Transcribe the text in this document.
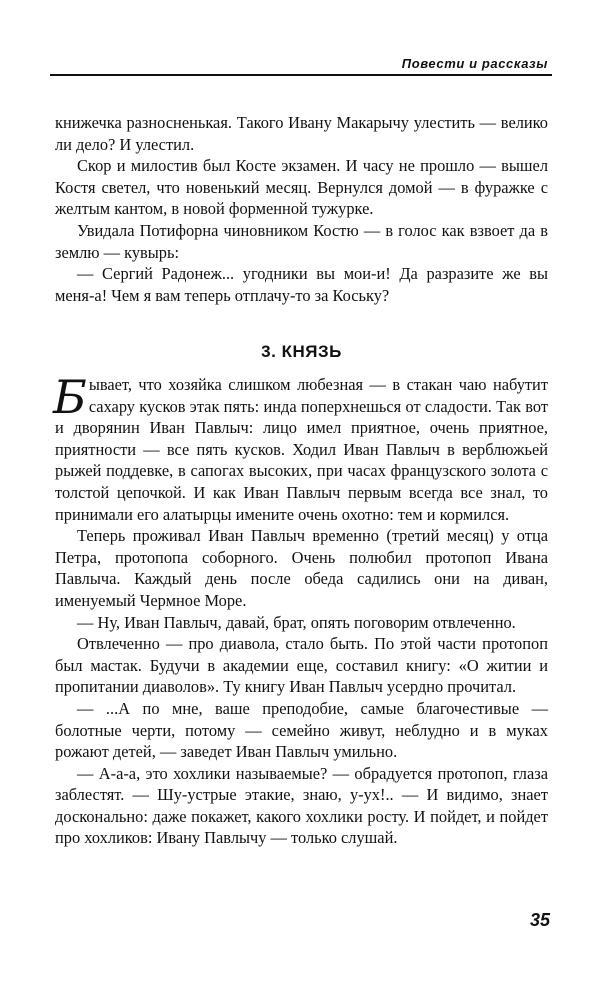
Повести и рассказы

книжечка разносненькая. Такого Ивану Макарычу улестить — велико ли дело? И улестил.

Скор и милостив был Косте экзамен. И часу не прошло — вышел Костя светел, что новенький месяц. Вернулся домой — в фуражке с желтым кантом, в новой форменной тужурке.

Увидала Потифорна чиновником Костю — в голос как взвоет да в землю — кувырь:

— Сергий Радонеж... угодники вы мои-и! Да разразите же вы меня-а! Чем я вам теперь отплачу-то за Коську?

3. КНЯЗЬ

Бывает, что хозяйка слишком любезная — в стакан чаю набутит сахару кусков этак пять: инда поперхнешься от сладости. Так вот и дворянин Иван Павлыч: лицо имел приятное, очень приятное, приятности — все пять кусков. Ходил Иван Павлыч в верблюжьей рыжей поддевке, в сапогах высоких, при часах французского золота с толстой цепочкой. И как Иван Павлыч первым всегда все знал, то принимали его алатырцы имените очень охотно: тем и кормился.

Теперь проживал Иван Павлыч временно (третий месяц) у отца Петра, протопопа соборного. Очень полюбил протопоп Ивана Павлыча. Каждый день после обеда садились они на диван, именуемый Чермное Море.

— Ну, Иван Павлыч, давай, брат, опять поговорим отвлеченно.

Отвлеченно — про диавола, стало быть. По этой части протопоп был мастак. Будучи в академии еще, составил книгу: «О житии и пропитании диаволов». Ту книгу Иван Павлыч усердно прочитал.

— ...А по мне, ваше преподобие, самые благочестивые — болотные черти, потому — семейно живут, неблудно и в муках рожают детей, — заведет Иван Павлыч умильно.

— А-а-а, это хохлики называемые? — обрадуется протопоп, глаза заблестят. — Шу-устрые этакие, знаю, у-ух!.. — И видимо, знает досконально: даже покажет, какого хохлики росту. И пойдет, и пойдет про хохликов: Ивану Павлычу — только слушай.

35
